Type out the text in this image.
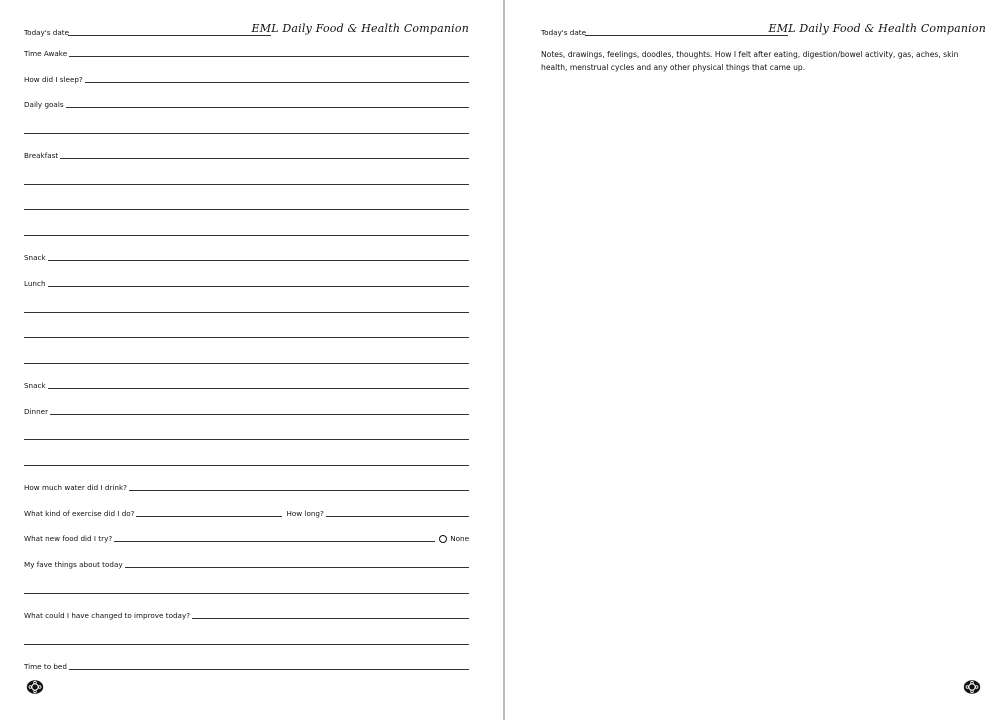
Today's date	EML Daily Food & Health Companion
Time Awake
How did I sleep?
Daily goals
Breakfast
Snack
Lunch
Snack
Dinner
How much water did I drink?
What kind of exercise did I do?	How long?
What new food did I try?	None
My fave things about today
What could I have changed to improve today?
Time to bed
Today's date	EML Daily Food & Health Companion
Notes, drawings, feelings, doodles, thoughts. How I felt after eating, digestion/bowel activity, gas, aches, skin health, menstrual cycles and any other physical things that came up.
